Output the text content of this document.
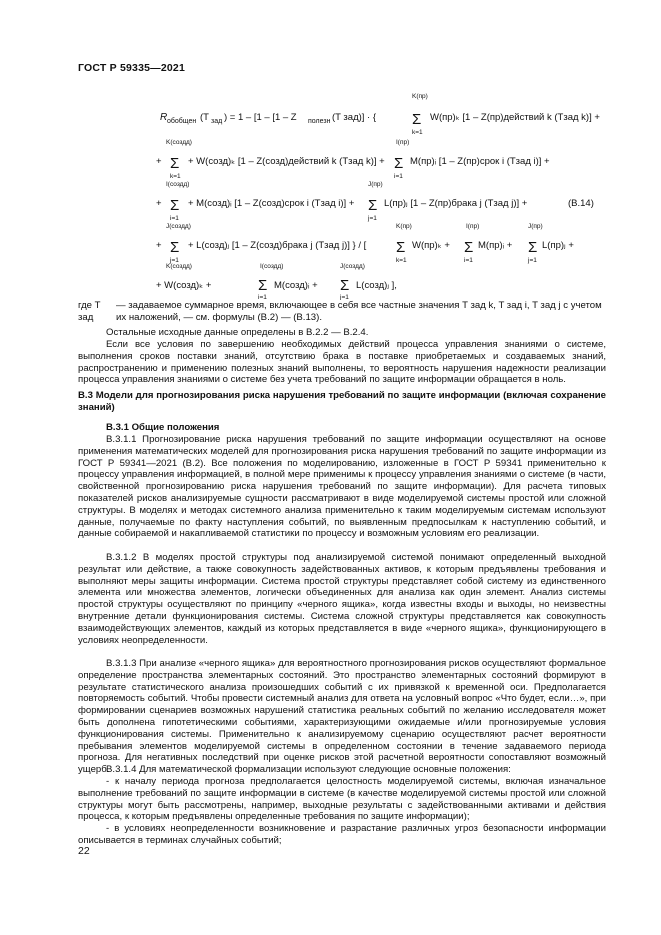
ГОСТ Р 59335—2021
R обобщен (T зад ) = 1 – [1 – [1 – Z полезн (T зад)] · {
K(пр)
Σ
k=1
W(пр)ₖ [1 – Z(пр)действий k (Tзад k)] +
K(создд)
Σ
k=1
+	+ W(созд)ₖ [1 – Z(созд)действий k (Tзад k)] +
I(пр)
Σ
i=1
M(пр)ᵢ [1 – Z(пр)срок i (Tзад i)] +
I(создд)
Σ
i=1
+	+ M(созд)ᵢ [1 – Z(созд)срок i (Tзад i)] +
J(пр)
Σ
j=1
L(пр)ⱼ [1 – Z(пр)брака j (Tзад j)] +	(В.14)
J(создд)
Σ
j=1
+	+ L(созд)ⱼ [1 – Z(созд)брака j (Tзад j)] } / [
K(пр)
Σ
k=1
W(пр)ₖ +
I(пр)
Σ
i=1
M(пр)ᵢ +
J(пр)
Σ
j=1
L(пр)ⱼ +
+ W(созд)ₖ +
K(создд)	I(создд)
Σ
i=1
M(созд)ᵢ +
J(создд)
Σ
j=1
L(созд)ⱼ ],
где T зад
— задаваемое суммарное время, включающее в себя все частные значения T зад k, T зад i, T зад j с учетом их наложений, — см. формулы (В.2) — (В.13).
Остальные исходные данные определены в В.2.2 — В.2.4.
Если все условия по завершению необходимых действий процесса управления знаниями о системе, выполнения сроков поставки знаний, отсутствию брака в поставке приобретаемых и создаваемых знаний, распространению и применению полезных знаний выполнены, то вероятность нарушения надежности реализации процесса управления знаниями о системе без учета требований по защите информации обращается в ноль.
В.3 Модели для прогнозирования риска нарушения требований по защите информации (включая сохранение знаний)
В.3.1 Общие положения
В.3.1.1 Прогнозирование риска нарушения требований по защите информации осуществляют на основе применения математических моделей для прогнозирования риска нарушения требований по защите информации из ГОСТ Р 59341—2021 (В.2). Все положения по моделированию, изложенные в ГОСТ Р 59341 применительно к процессу управления информацией, в полной мере применимы к процессу управления знаниями о системе (в части, свойственной прогнозированию риска нарушения требований по защите информации). Для расчета типовых показателей рисков анализируемые сущности рассматривают в виде моделируемой системы простой или сложной структуры. В моделях и методах системного анализа применительно к таким моделируемым системам используют данные, получаемые по факту наступления событий, по выявленным предпосылкам к наступлению событий, и данные собираемой и накапливаемой статистики по процессу и возможным условиям его реализации.
В.3.1.2 В моделях простой структуры под анализируемой системой понимают определенный выходной результат или действие, а также совокупность задействованных активов, к которым предъявлены требования и выполняют меры защиты информации. Система простой структуры представляет собой систему из единственного элемента или множества элементов, логически объединенных для анализа как один элемент. Анализ системы простой структуры осуществляют по принципу «черного ящика», когда известны входы и выходы, но неизвестны внутренние детали функционирования системы. Система сложной структуры представляется как совокупность взаимодействующих элементов, каждый из которых представляется в виде «черного ящика», функционирующего в условиях неопределенности.
В.3.1.3 При анализе «черного ящика» для вероятностного прогнозирования рисков осуществляют формальное определение пространства элементарных состояний. Это пространство элементарных состояний формируют в результате статистического анализа произошедших событий с их привязкой к временной оси. Предполагается повторяемость событий. Чтобы провести системный анализ для ответа на условный вопрос «Что будет, если…», при формировании сценариев возможных нарушений статистика реальных событий по желанию исследователя может быть дополнена гипотетическими событиями, характеризующими ожидаемые и/или прогнозируемые условия функционирования системы. Применительно к анализируемому сценарию осуществляют расчет вероятности пребывания элементов моделируемой системы в определенном состоянии в течение задаваемого периода прогноза. Для негативных последствий при оценке рисков этой расчетной вероятности сопоставляют возможный ущерб.
В.3.1.4 Для математической формализации используют следующие основные положения:
- к началу периода прогноза предполагается целостность моделируемой системы, включая изначальное выполнение требований по защите информации в системе (в качестве моделируемой системы простой или сложной структуры могут быть рассмотрены, например, выходные результаты с задействованными активами и действия процесса, к которым предъявлены определенные требования по защите информации);
- в условиях неопределенности возникновение и разрастание различных угроз безопасности информации описывается в терминах случайных событий;
22
